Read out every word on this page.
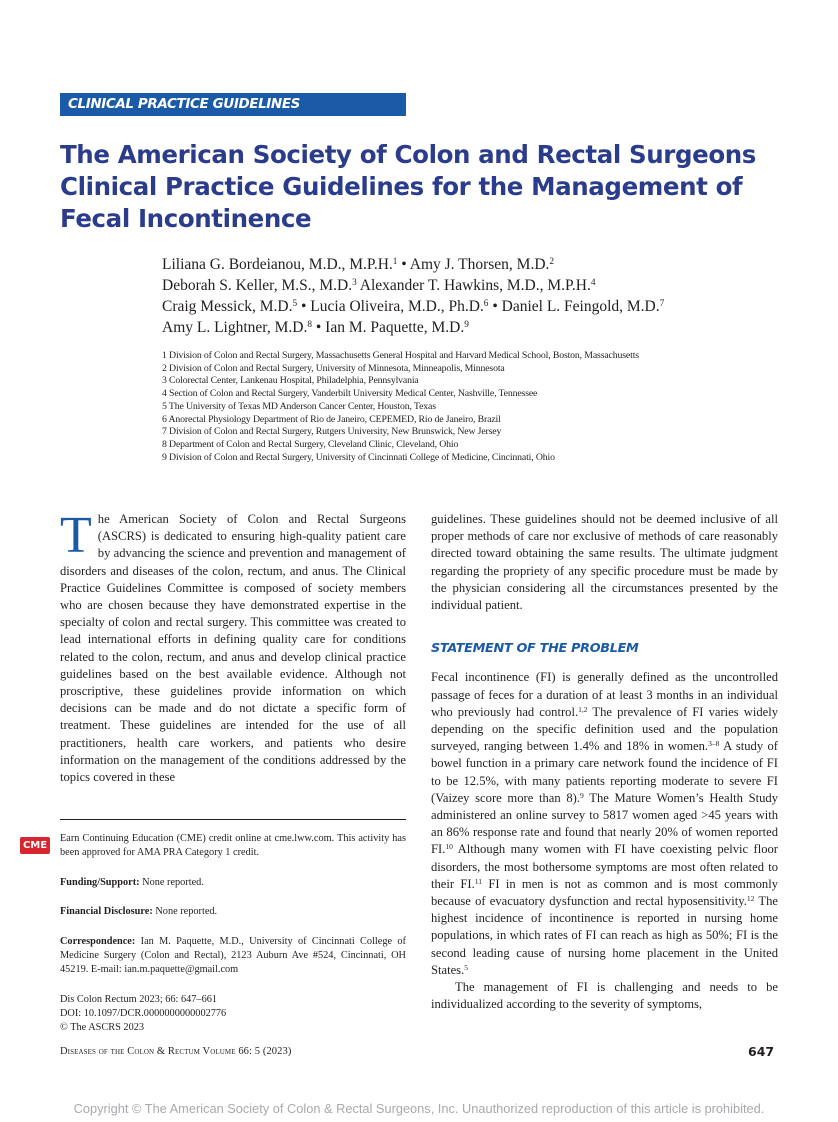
CLINICAL PRACTICE GUIDELINES
The American Society of Colon and Rectal Surgeons Clinical Practice Guidelines for the Management of Fecal Incontinence
Liliana G. Bordeianou, M.D., M.P.H.$^1$ • Amy J. Thorsen, M.D.$^2$
Deborah S. Keller, M.S., M.D.$^3$ Alexander T. Hawkins, M.D., M.P.H.$^4$
Craig Messick, M.D.$^5$ • Lucia Oliveira, M.D., Ph.D.$^6$ • Daniel L. Feingold, M.D.$^7$
Amy L. Lightner, M.D.$^8$ • Ian M. Paquette, M.D.$^9$
1 Division of Colon and Rectal Surgery, Massachusetts General Hospital and Harvard Medical School, Boston, Massachusetts
2 Division of Colon and Rectal Surgery, University of Minnesota, Minneapolis, Minnesota
3 Colorectal Center, Lankenau Hospital, Philadelphia, Pennsylvania
4 Section of Colon and Rectal Surgery, Vanderbilt University Medical Center, Nashville, Tennessee
5 The University of Texas MD Anderson Cancer Center, Houston, Texas
6 Anorectal Physiology Department of Rio de Janeiro, CEPEMED, Rio de Janeiro, Brazil
7 Division of Colon and Rectal Surgery, Rutgers University, New Brunswick, New Jersey
8 Department of Colon and Rectal Surgery, Cleveland Clinic, Cleveland, Ohio
9 Division of Colon and Rectal Surgery, University of Cincinnati College of Medicine, Cincinnati, Ohio

The American Society of Colon and Rectal Surgeons (ASCRS) is dedicated to ensuring high-quality patient care by advancing the science and prevention and management of disorders and diseases of the colon, rectum, and anus. The Clinical Practice Guidelines Committee is composed of society members who are chosen because they have demonstrated expertise in the specialty of colon and rectal surgery. This committee was created to lead international efforts in defining quality care for conditions related to the colon, rectum, and anus and develop clinical practice guidelines based on the best available evidence. Although not proscriptive, these guidelines provide information on which decisions can be made and do not dictate a specific form of treatment. These guidelines are intended for the use of all practitioners, health care workers, and patients who desire information on the management of the conditions addressed by the topics covered in these

CME
Earn Continuing Education (CME) credit online at cme.lww.com. This activity has been approved for AMA PRA Category 1 credit.
Funding/Support: None reported.
Financial Disclosure: None reported.
Correspondence: Ian M. Paquette, M.D., University of Cincinnati College of Medicine Surgery (Colon and Rectal), 2123 Auburn Ave #524, Cincinnati, OH 45219. E-mail: ian.m.paquette@gmail.com
Dis Colon Rectum 2023; 66: 647–661
DOI: 10.1097/DCR.0000000000002776
© The ASCRS 2023

guidelines. These guidelines should not be deemed inclusive of all proper methods of care nor exclusive of methods of care reasonably directed toward obtaining the same results. The ultimate judgment regarding the propriety of any specific procedure must be made by the physician considering all the circumstances presented by the individual patient.

STATEMENT OF THE PROBLEM

Fecal incontinence (FI) is generally defined as the uncontrolled passage of feces for a duration of at least 3 months in an individual who previously had control.$^{1,2}$ The prevalence of FI varies widely depending on the specific definition used and the population surveyed, ranging between 1.4% and 18% in women.$^{3-8}$ A study of bowel function in a primary care network found the incidence of FI to be 12.5%, with many patients reporting moderate to severe FI (Vaizey score more than 8).$^9$ The Mature Women’s Health Study administered an online survey to 5817 women aged >45 years with an 86% response rate and found that nearly 20% of women reported FI.$^{10}$ Although many women with FI have coexisting pelvic floor disorders, the most bothersome symptoms are most often related to their FI.$^{11}$ FI in men is not as common and is most commonly because of evacuatory dysfunction and rectal hyposensitivity.$^{12}$ The highest incidence of incontinence is reported in nursing home populations, in which rates of FI can reach as high as 50%; FI is the second leading cause of nursing home placement in the United States.$^5$

The management of FI is challenging and needs to be individualized according to the severity of symptoms,

Diseases of the Colon & Rectum Volume 66: 5 (2023)	647
Copyright © The American Society of Colon & Rectal Surgeons, Inc. Unauthorized reproduction of this article is prohibited.
